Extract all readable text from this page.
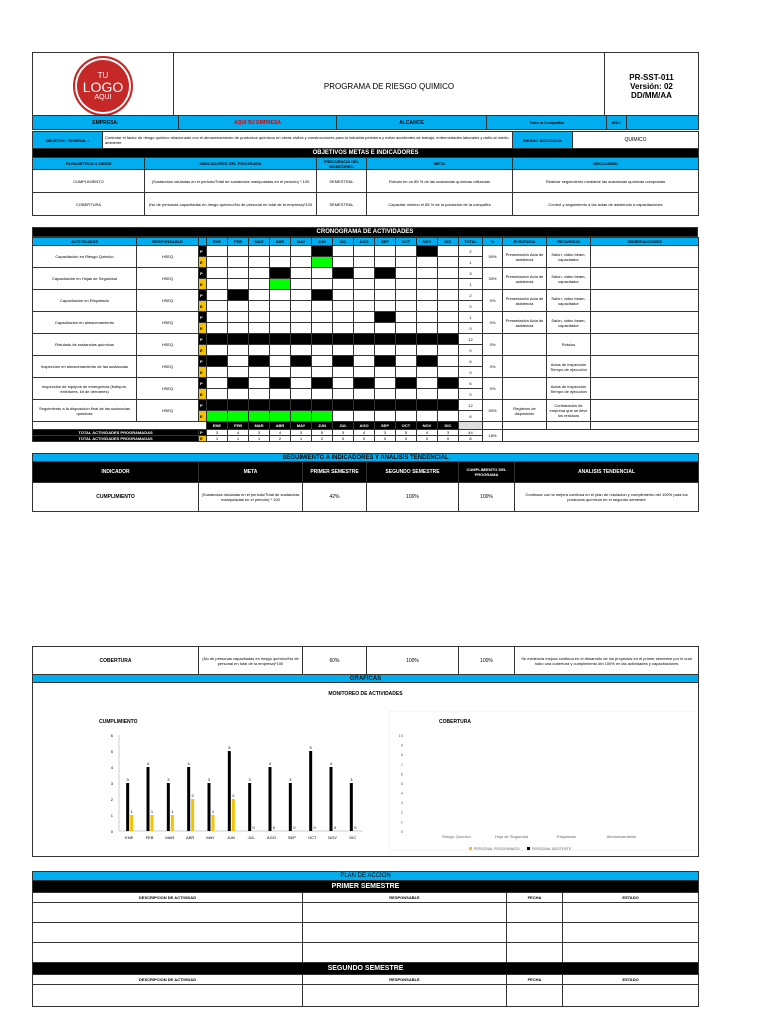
TU
LOGO
AQUI
	PROGRAMA DE RIESGO QUIMICO	
PR-SST-011
Versión: 02
DD/MM/AA
EMPRESA:	AQUI SU EMPRESA	ALCANCE	Toda la Compañía	AÑO:	
OBJETIVO GENERAL :	Controlar el factor de riesgo químico relacionado con el almacenamiento de productos químicos en obras civiles y construcciones para la industria petrolera y evitar accidentes de trabajo, enfermedades laborales y daño al medio ambiente	RIESGO ASOCIADO:	QUIMICO
OBJETIVOS METAS E INDICADORES				
PARAMETROS A MEDIR	INDICADORES DEL PROGRAMA	FRECUENCIA DEL MONITOREO	META	MECANISMO
CUMPLIMIENTO	(Sustancias rotuladas en el periodo/Total de sustancias manipuladas en el periodo) * 100	SEMESTRAL	Rotular en un 85 % de las sustancias químicas utilizadas	Realizar seguimiento mediante las sustancias químicas compradas
COBERTURA	(No de personas capacitadas en riesgo químico/No de personal en total de la empresa)*100	SEMESTRAL	Capacitar mínimo el 85 % de la población de la compañía	Control y seguimiento a las actas de asistencia a capacitaciones
CRONOGRAMA DE ACTIVIDADES
ACTIVIDADES	RESPONSABLE		ENE	FEB	MAR	ABR	MAY	JUN	JUL	AGO	SEP	OCT	NOV	DIC	TOTAL	%	EVIDENCIA	RECURSOS	OBSERVACIONES
Capacitación en Riesgo Químico	HSEQ	P													2	50%	Presentación Acta de asistencia	Salón, video beam, capacitador	
		E													1				
Capacitación en Hojas de Seguridad	HSEQ	P													3	33%	Presentación Acta de asistencia	Salón, video beam, capacitador	
		E													1				
Capacitación en Etiquetado	HSEQ	P													2	0%	Presentación Acta de asistencia	Salón, video beam, capacitador	
		E													0				
Capacitación en almacenamiento	HSEQ	P													1	0%	Presentación Acta de asistencia	Salón, video beam, capacitador	
		E													0				
Rotulado de sustancias químicas	HSEQ	P													12	0%		Rotulos	
		E													0				
Inspección en almacenamiento de las sustancias	HSEQ	P													6	0%		Actas de inspección Tiempo de ejecución	
		E													0				
Inspección de equipos de emergencia (botiquín, extintores, kit de derrames)	HSEQ	P													6	0%		Actas de inspección Tiempo de ejecución	
		E													0				
Seguimiento a la disposicion final de las sustancias químicas	HSEQ	P													12	50%	Registros de disposición	Contratación de empresa que se lleve los residuos	
		E													6				
			ENE	FEB	MAR	ABR	MAY	JUN	JUL	AGO	SEP	OCT	NOV	DIC					
TOTAL ACTIVIDADES PROGRAMADAS		P	3	4	3	4	3	5	3	4	3	5	4	3	44	18%			
TOTAL ACTIVIDADES PROGRAMADAS		E	1	1	1	2	1	2	0	0	0	0	0	0	8				
SEGUIMIENTO A INDICADORES Y ANALISIS TENDENCIAL					
INDICADOR	META	PRIMER SEMESTRE	SEGUNDO SEMESTRE	CUMPLIMIENTO DEL PROGRAMA	ANALISIS TENDENCIAL
CUMPLIMIENTO	(Sustancias rotuladas en el periodo/Total de sustancias manipuladas en el periodo) * 100	42%	100%	100%	Continuar con la mejora continua en el plan de rotulacion y cumplimiento del 100% para los productos químicos en el segundo semestre
COBERTURA	(No de personas capacitadas en riesgo químico/No de personal en total de la empresa)*100	60%	100%	100%	Se evidencia mejora continua en el desarrollo de los proyectos en el primer semestre por lo cual hubo una cobertura y cumplimiento del 100% en las actividades y capacitaciones
GRAFICAS

MONITOREO DE ACTIVIDADES
CUMPLIMIENTO
0
1
2
3
4
5
6
3
1
ENE
4
1
FEB
3
1
MAR
4
2
ABR
3
1
MAY
5
2
JUN
3
0
JUL
4
0
AGO
3
0
SEP
5
0
OCT
4
0
NOV
3
0
DIC
COBERTURA
0
1
2
3
4
5
6
7
8
9
10
Riesgo Químico	Hoja de Seguridad	Etiquetado	Almacenamiento
PERSONAL PROGRAMADO	PERSONAL ASISTENTE
PLAN DE ACCION			
PRIMER SEMESTRE			
DESCRIPCION DE ACTIVIDAD	RESPONSABLE	FECHA	ESTADO

SEGUNDO SEMESTRE			
DESCRIPCION DE ACTIVIDAD	RESPONSABLE	FECHA	ESTADO
